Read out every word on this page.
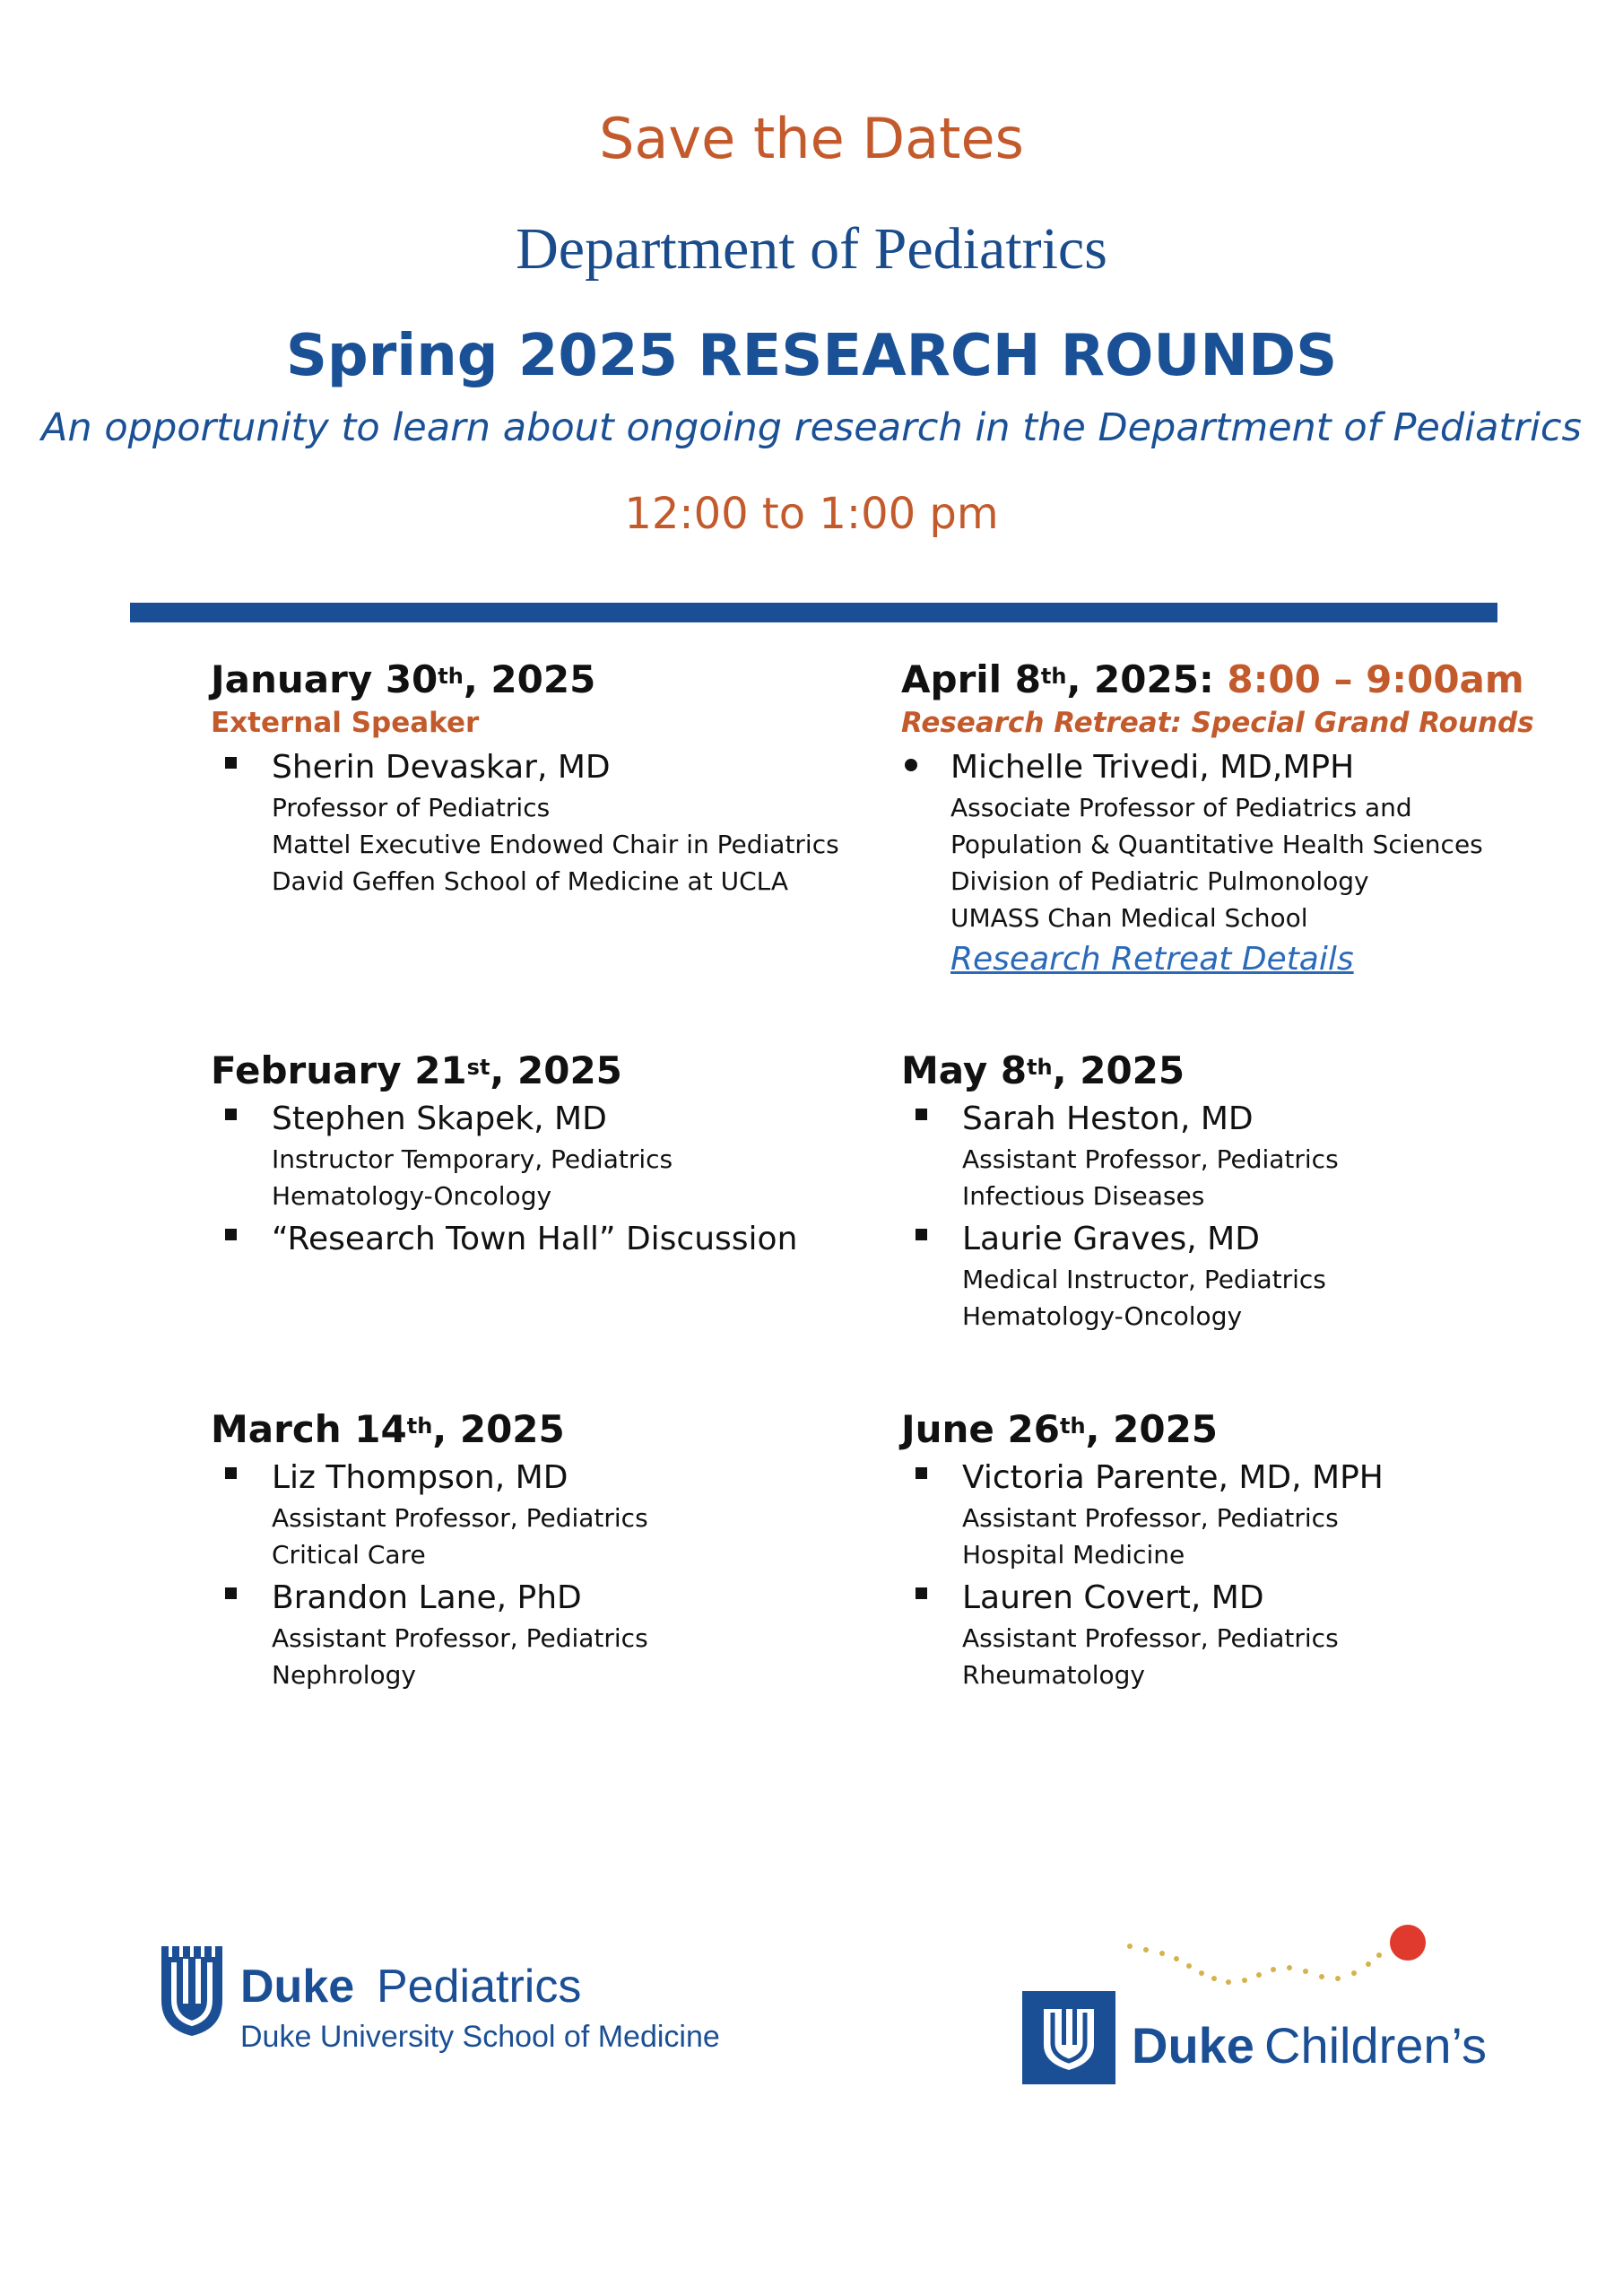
Save the Dates
Department of Pediatrics
Spring 2025 RESEARCH ROUNDS
An opportunity to learn about ongoing research in the Department of Pediatrics
12:00 to 1:00 pm
January 30th, 2025
External Speaker
Sherin Devaskar, MD
Professor of Pediatrics
Mattel Executive Endowed Chair in Pediatrics
David Geffen School of Medicine at UCLA
February 21st, 2025
Stephen Skapek, MD
Instructor Temporary, Pediatrics
Hematology-Oncology
“Research Town Hall” Discussion
March 14th, 2025
Liz Thompson, MD
Assistant Professor, Pediatrics
Critical Care
Brandon Lane, PhD
Assistant Professor, Pediatrics
Nephrology
April 8th, 2025: 8:00 – 9:00am
Research Retreat: Special Grand Rounds
Michelle Trivedi, MD,MPH
Associate Professor of Pediatrics and
Population & Quantitative Health Sciences
Division of Pediatric Pulmonology
UMASS Chan Medical School
Research Retreat Details
May 8th, 2025
Sarah Heston, MD
Assistant Professor, Pediatrics
Infectious Diseases
Laurie Graves, MD
Medical Instructor, Pediatrics
Hematology-Oncology
June 26th, 2025
Victoria Parente, MD, MPH
Assistant Professor, Pediatrics
Hospital Medicine
Lauren Covert, MD
Assistant Professor, Pediatrics
Rheumatology
Duke Pediatrics
Duke University School of Medicine	Duke Children’s
